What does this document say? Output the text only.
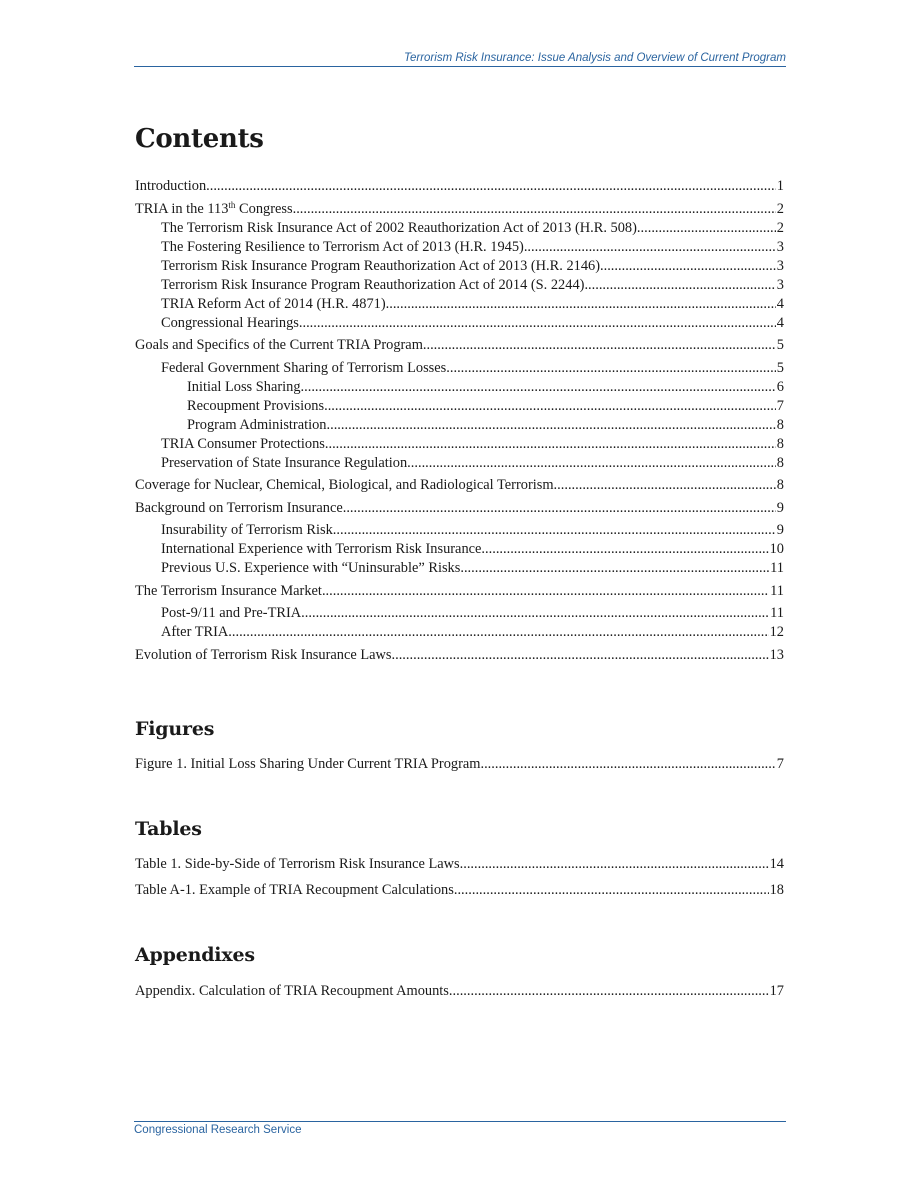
Terrorism Risk Insurance: Issue Analysis and Overview of Current Program
Contents
Introduction .....	1
TRIA in the 113th Congress .....	2
The Terrorism Risk Insurance Act of 2002 Reauthorization Act of 2013 (H.R. 508) .....	2
The Fostering Resilience to Terrorism Act of 2013 (H.R. 1945) .....	3
Terrorism Risk Insurance Program Reauthorization Act of 2013 (H.R. 2146) .....	3
Terrorism Risk Insurance Program Reauthorization Act of 2014 (S. 2244) .....	3
TRIA Reform Act of 2014 (H.R. 4871) .....	4
Congressional Hearings .....	4
Goals and Specifics of the Current TRIA Program .....	5
Federal Government Sharing of Terrorism Losses .....	5
Initial Loss Sharing .....	6
Recoupment Provisions .....	7
Program Administration .....	8
TRIA Consumer Protections .....	8
Preservation of State Insurance Regulation .....	8
Coverage for Nuclear, Chemical, Biological, and Radiological Terrorism .....	8
Background on Terrorism Insurance .....	9
Insurability of Terrorism Risk .....	9
International Experience with Terrorism Risk Insurance .....	10
Previous U.S. Experience with “Uninsurable” Risks .....	11
The Terrorism Insurance Market .....	11
Post-9/11 and Pre-TRIA .....	11
After TRIA .....	12
Evolution of Terrorism Risk Insurance Laws .....	13
Figures
Figure 1. Initial Loss Sharing Under Current TRIA Program .....	7
Tables
Table 1. Side-by-Side of Terrorism Risk Insurance Laws .....	14
Table A-1. Example of TRIA Recoupment Calculations .....	18
Appendixes
Appendix. Calculation of TRIA Recoupment Amounts .....	17
Congressional Research Service
